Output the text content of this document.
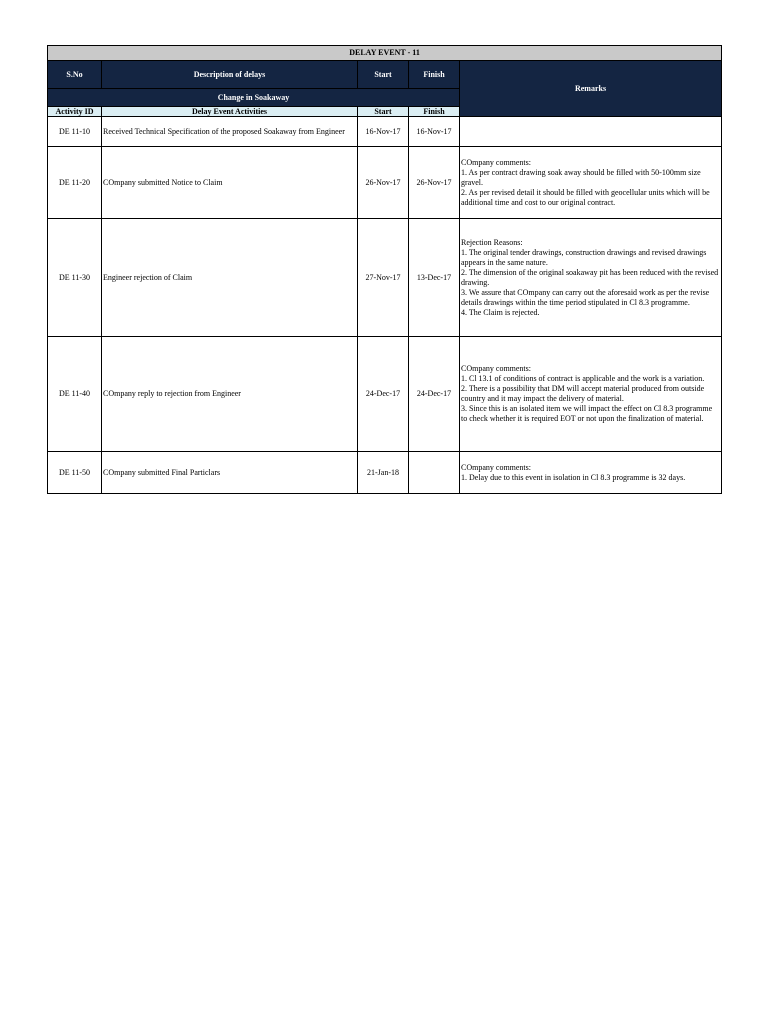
DELAY EVENT - 11				
S.No	Description of delays	Start	Finish	Remarks
Change in Soakaway				
Activity ID	Delay Event Activities	Start	Finish	
DE 11-10	Received Technical Specification of the proposed Soakaway from Engineer	16-Nov-17	16-Nov-17	
DE 11-20	COmpany submitted Notice to Claim	26-Nov-17	26-Nov-17	COmpany comments:
1. As per contract drawing soak away should be filled with 50-100mm size gravel.
2. As per revised detail it should be filled with geocellular units which will be additional time and cost to our original contract.
DE 11-30	Engineer rejection of Claim	27-Nov-17	13-Dec-17	Rejection Reasons:
1. The original tender drawings, construction drawings and revised drawings appears in the same nature.
2. The dimension of the original soakaway pit has been reduced with the revised drawing.
3. We assure that COmpany can carry out the aforesaid work as per the revise details drawings within the time period stipulated in Cl 8.3 programme.
4. The Claim is rejected.
DE 11-40	COmpany reply to rejection from Engineer	24-Dec-17	24-Dec-17	COmpany comments:
1. Cl 13.1 of conditions of contract is applicable and the work is a variation.
2. There is a possibility that DM will accept material produced from outside country and it may impact the delivery of material.
3. Since this is an isolated item we will impact the effect on Cl 8.3 programme to check whether it is required EOT or not upon the finalization of material.
DE 11-50	COmpany submitted Final Particlars	21-Jan-18		COmpany comments:
1. Delay due to this event in isolation in Cl 8.3 programme is 32 days.
